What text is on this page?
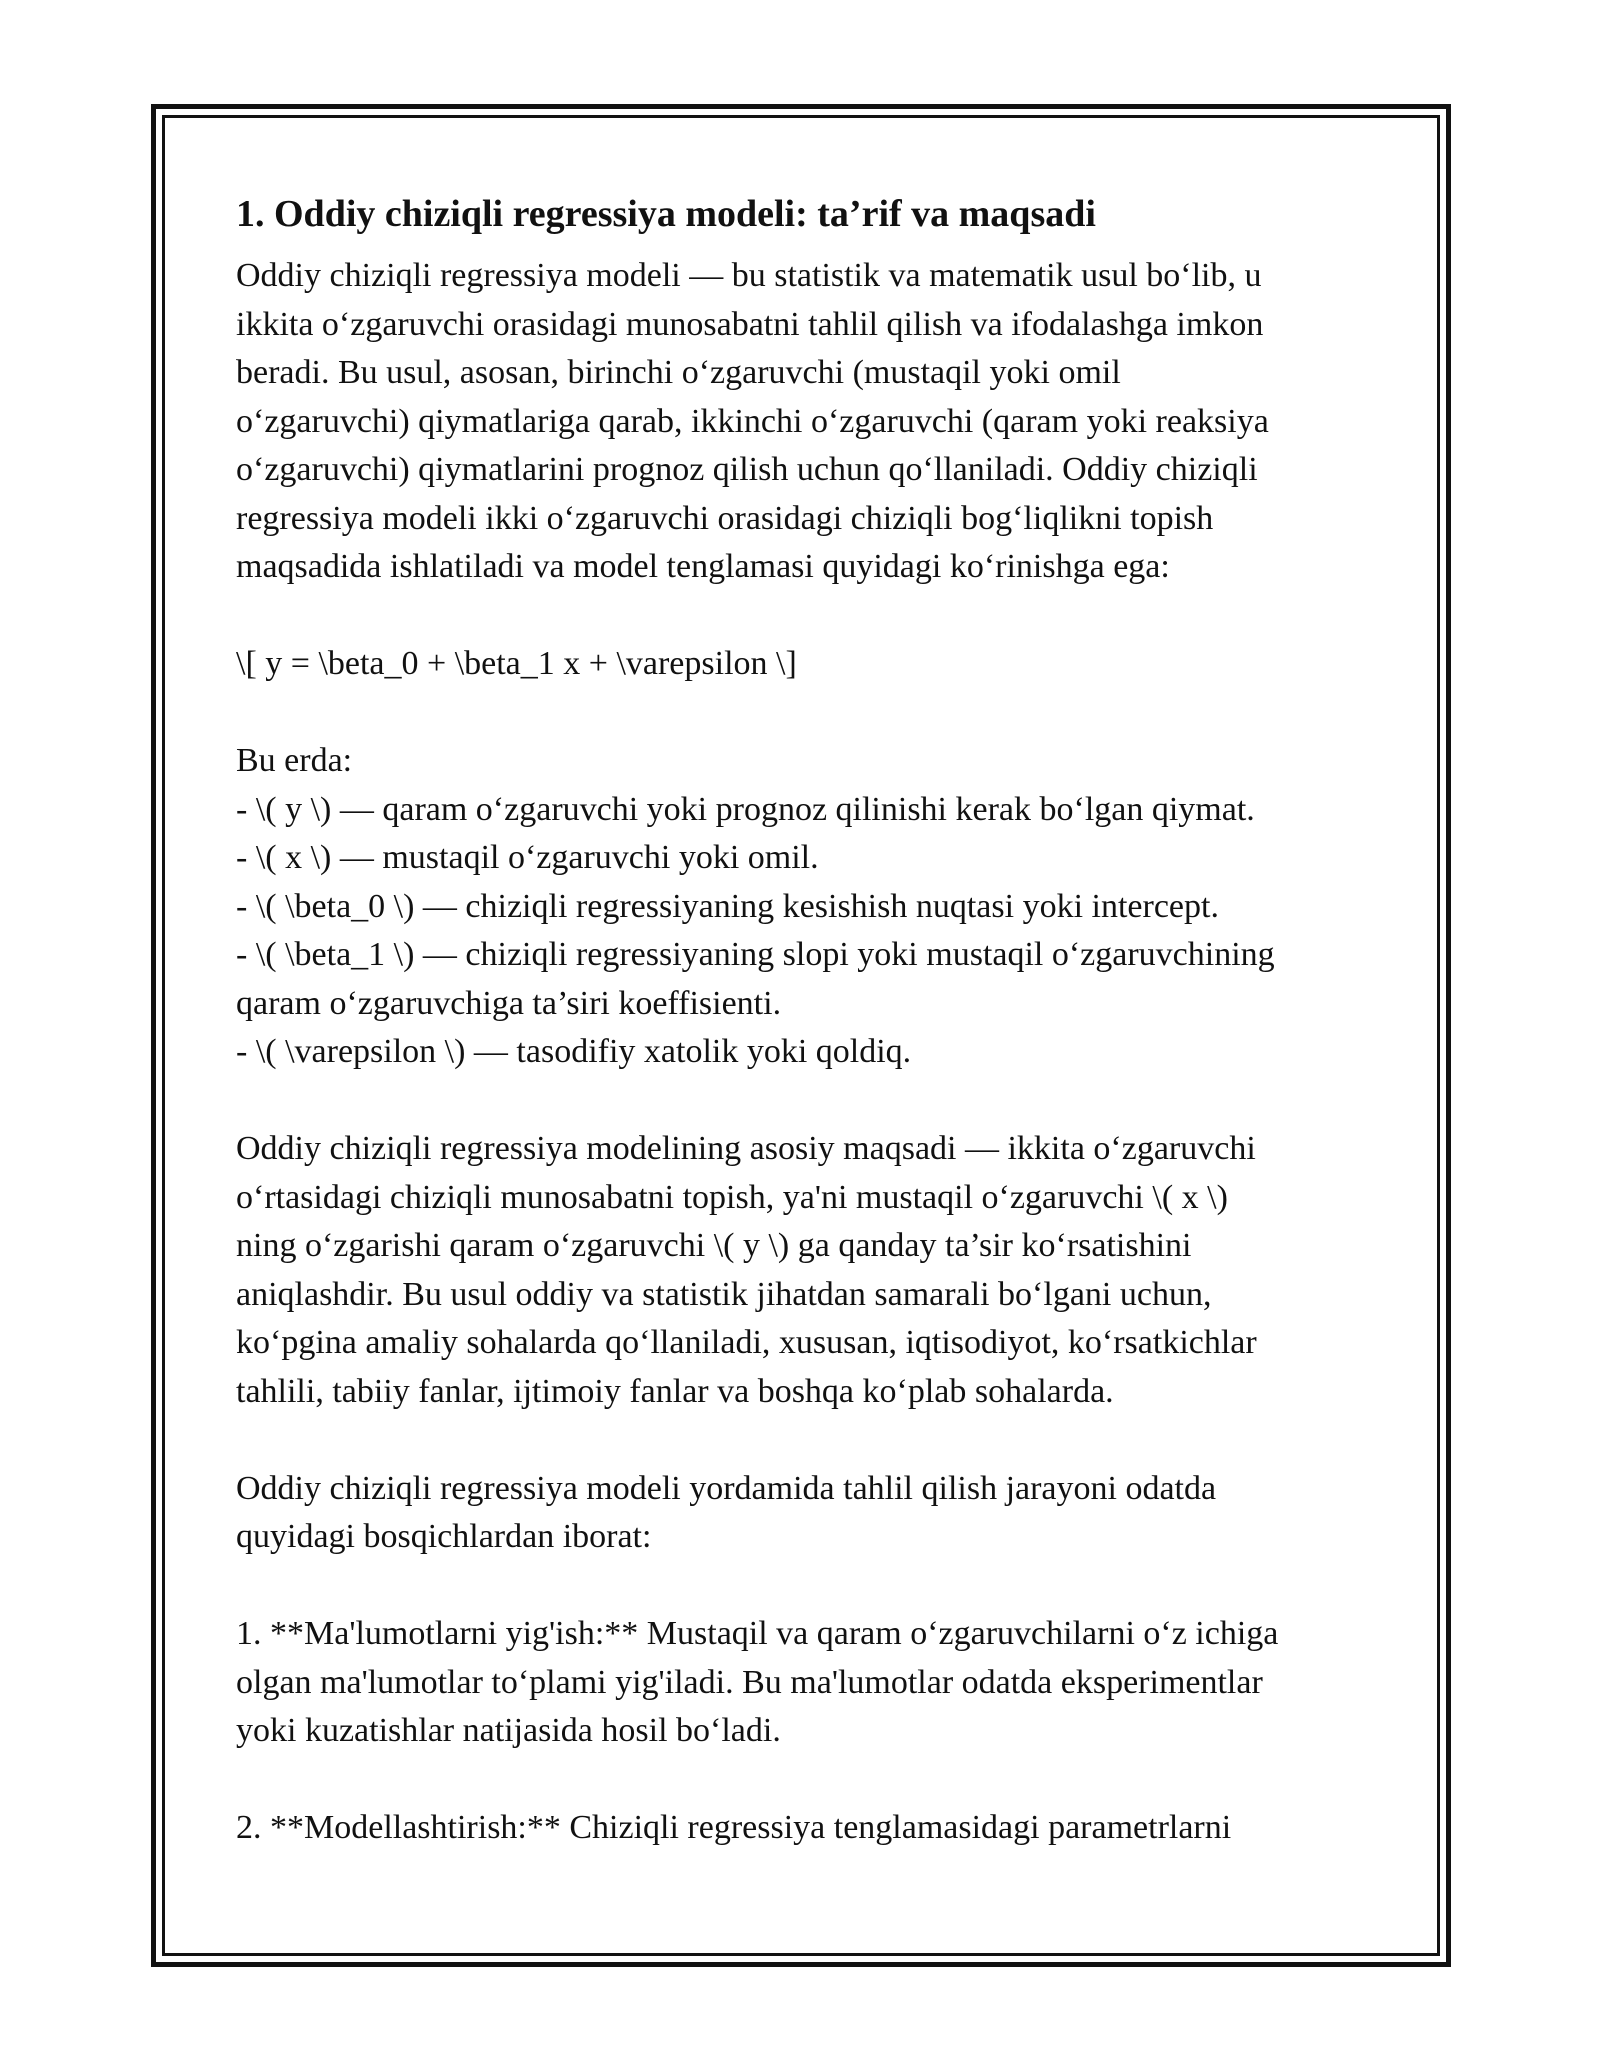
1. Oddiy chiziqli regressiya modeli: ta’rif va maqsadi
Oddiy chiziqli regressiya modeli — bu statistik va matematik usul bo‘lib, u
ikkita o‘zgaruvchi orasidagi munosabatni tahlil qilish va ifodalashga imkon
beradi. Bu usul, asosan, birinchi o‘zgaruvchi (mustaqil yoki omil
o‘zgaruvchi) qiymatlariga qarab, ikkinchi o‘zgaruvchi (qaram yoki reaksiya
o‘zgaruvchi) qiymatlarini prognoz qilish uchun qo‘llaniladi. Oddiy chiziqli
regressiya modeli ikki o‘zgaruvchi orasidagi chiziqli bog‘liqlikni topish
maqsadida ishlatiladi va model tenglamasi quyidagi ko‘rinishga ega:
\[ y = \beta_0 + \beta_1 x + \varepsilon \]
Bu erda:
- \( y \) — qaram o‘zgaruvchi yoki prognoz qilinishi kerak bo‘lgan qiymat.
- \( x \) — mustaqil o‘zgaruvchi yoki omil.
- \( \beta_0 \) — chiziqli regressiyaning kesishish nuqtasi yoki intercept.
- \( \beta_1 \) — chiziqli regressiyaning slopi yoki mustaqil o‘zgaruvchining
qaram o‘zgaruvchiga ta’siri koeffisienti.
- \( \varepsilon \) — tasodifiy xatolik yoki qoldiq.
Oddiy chiziqli regressiya modelining asosiy maqsadi — ikkita o‘zgaruvchi
o‘rtasidagi chiziqli munosabatni topish, ya'ni mustaqil o‘zgaruvchi \( x \)
ning o‘zgarishi qaram o‘zgaruvchi \( y \) ga qanday ta’sir ko‘rsatishini
aniqlashdir. Bu usul oddiy va statistik jihatdan samarali bo‘lgani uchun,
ko‘pgina amaliy sohalarda qo‘llaniladi, xususan, iqtisodiyot, ko‘rsatkichlar
tahlili, tabiiy fanlar, ijtimoiy fanlar va boshqa ko‘plab sohalarda.
Oddiy chiziqli regressiya modeli yordamida tahlil qilish jarayoni odatda
quyidagi bosqichlardan iborat:
1. **Ma'lumotlarni yig'ish:** Mustaqil va qaram o‘zgaruvchilarni o‘z ichiga
olgan ma'lumotlar to‘plami yig'iladi. Bu ma'lumotlar odatda eksperimentlar
yoki kuzatishlar natijasida hosil bo‘ladi.
2. **Modellashtirish:** Chiziqli regressiya tenglamasidagi parametrlarni
